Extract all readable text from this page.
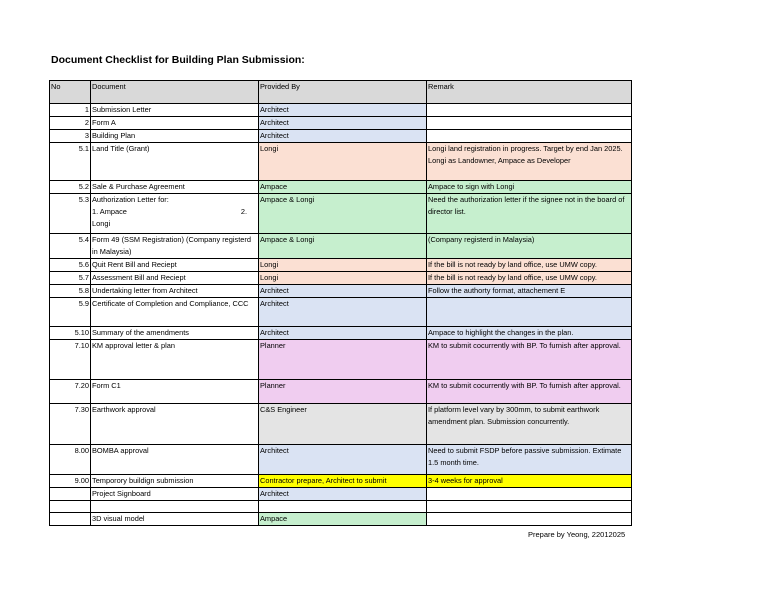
Document Checklist for Building Plan Submission:
No	Document	Provided By	Remark
1	Submission Letter	Architect	
2	Form A	Architect	
3	Building Plan	Architect	
5.1	Land Title (Grant)	Longi	Longi land registration in progress. Target by end Jan 2025. Longi as Landowner, Ampace as Developer
5.2	Sale & Purchase Agreement	Ampace	Ampace to sign with Longi
5.3	Authorization Letter for:
1. Ampace 2.
Longi	Ampace & Longi	Need the authorization letter if the signee not in the board of director list.
5.4	Form 49 (SSM Registration) (Company registerd in Malaysia)	Ampace & Longi	(Company registerd in Malaysia)
5.6	Quit Rent Bill and Reciept	Longi	If the bill is not ready by land office, use UMW copy.
5.7	Assessment Bill and Reciept	Longi	If the bill is not ready by land office, use UMW copy.
5.8	Undertaking letter from Architect	Architect	Follow the authorty format, attachement E
5.9	Certificate of Completion and Compliance, CCC	Architect	
5.10	Summary of the amendments	Architect	Ampace to highlight the changes in the plan.
7.10	KM approval letter & plan	Planner	KM to submit cocurrently with BP. To furnish after approval.
7.20	Form C1	Planner	KM to submit cocurrently with BP. To furnish after approval.
7.30	Earthwork approval	C&S Engineer	If platform level vary by 300mm, to submit earthwork amendment plan. Submission concurrently.
8.00	BOMBA approval	Architect	Need to submit FSDP before passive submission. Extimate 1.5 month time.
9.00	Temporory buildign submission	Contractor prepare, Architect to submit	3-4 weeks for approval
	Project Signboard	Architect	

	3D visual model	Ampace	
Prepare by Yeong, 22012025
